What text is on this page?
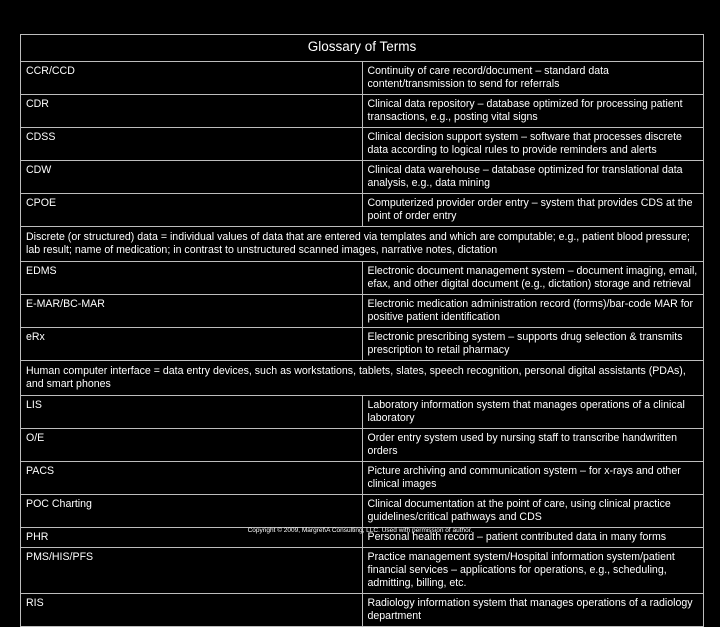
Glossary of Terms	
CCR/CCD	Continuity of care record/document – standard data content/transmission to send for referrals
CDR	Clinical data repository – database optimized for processing patient transactions, e.g., posting vital signs
CDSS	Clinical decision support system – software that processes discrete data according to logical rules to provide reminders and alerts
CDW	Clinical data warehouse – database optimized for translational data analysis, e.g., data mining
CPOE	Computerized provider order entry – system that provides CDS at the point of order entry
Discrete (or structured) data = individual values of data that are entered via templates and which are computable; e.g., patient blood pressure; lab result; name of medication; in contrast to unstructured scanned images, narrative notes, dictation	
EDMS	Electronic document management system – document imaging, email, efax, and other digital document (e.g., dictation) storage and retrieval
E-MAR/BC-MAR	Electronic medication administration record (forms)/bar-code MAR for positive patient identification
eRx	Electronic prescribing system – supports drug selection & transmits prescription to retail pharmacy
Human computer interface = data entry devices, such as workstations, tablets, slates, speech recognition, personal digital assistants (PDAs), and smart phones	
LIS	Laboratory information system that manages operations of a clinical laboratory
O/E	Order entry system used by nursing staff to transcribe handwritten orders
PACS	Picture archiving and communication system – for x-rays and other clinical images
POC Charting	Clinical documentation at the point of care, using clinical practice guidelines/critical pathways and CDS
PHR	Personal health record – patient contributed data in many forms
PMS/HIS/PFS	Practice management system/Hospital information system/patient financial services – applications for operations, e.g., scheduling, admitting, billing, etc.
RIS	Radiology information system that manages operations of a radiology department
Copyright © 2009, Margret\A Consulting, LLC. Used with permission of author.
